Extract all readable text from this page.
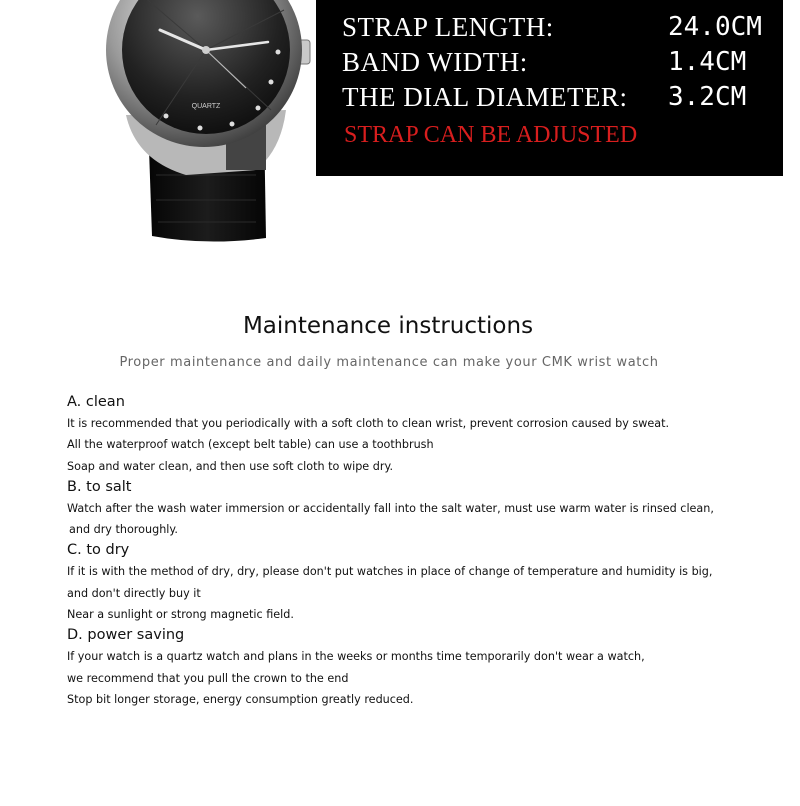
QUARTZ
STRAP LENGTH:	24.0CM
BAND WIDTH:	1.4CM
THE DIAL DIAMETER: 3.2CM
STRAP CAN BE ADJUSTED
Maintenance instructions
Proper maintenance and daily maintenance can make your CMK wrist watch
A. clean
It is recommended that you periodically with a soft cloth to clean wrist, prevent corrosion caused by sweat.
All the waterproof watch (except belt table) can use a toothbrush
Soap and water clean, and then use soft cloth to wipe dry.
B. to salt
Watch after the wash water immersion or accidentally fall into the salt water, must use warm water is rinsed clean,
and dry thoroughly.
C. to dry
If it is with the method of dry, dry, please don't put watches in place of change of temperature and humidity is big,
and don't directly buy it
Near a sunlight or strong magnetic field.
D. power saving
If your watch is a quartz watch and plans in the weeks or months time temporarily don't wear a watch,
we recommend that you pull the crown to the end
Stop bit longer storage, energy consumption greatly reduced.
